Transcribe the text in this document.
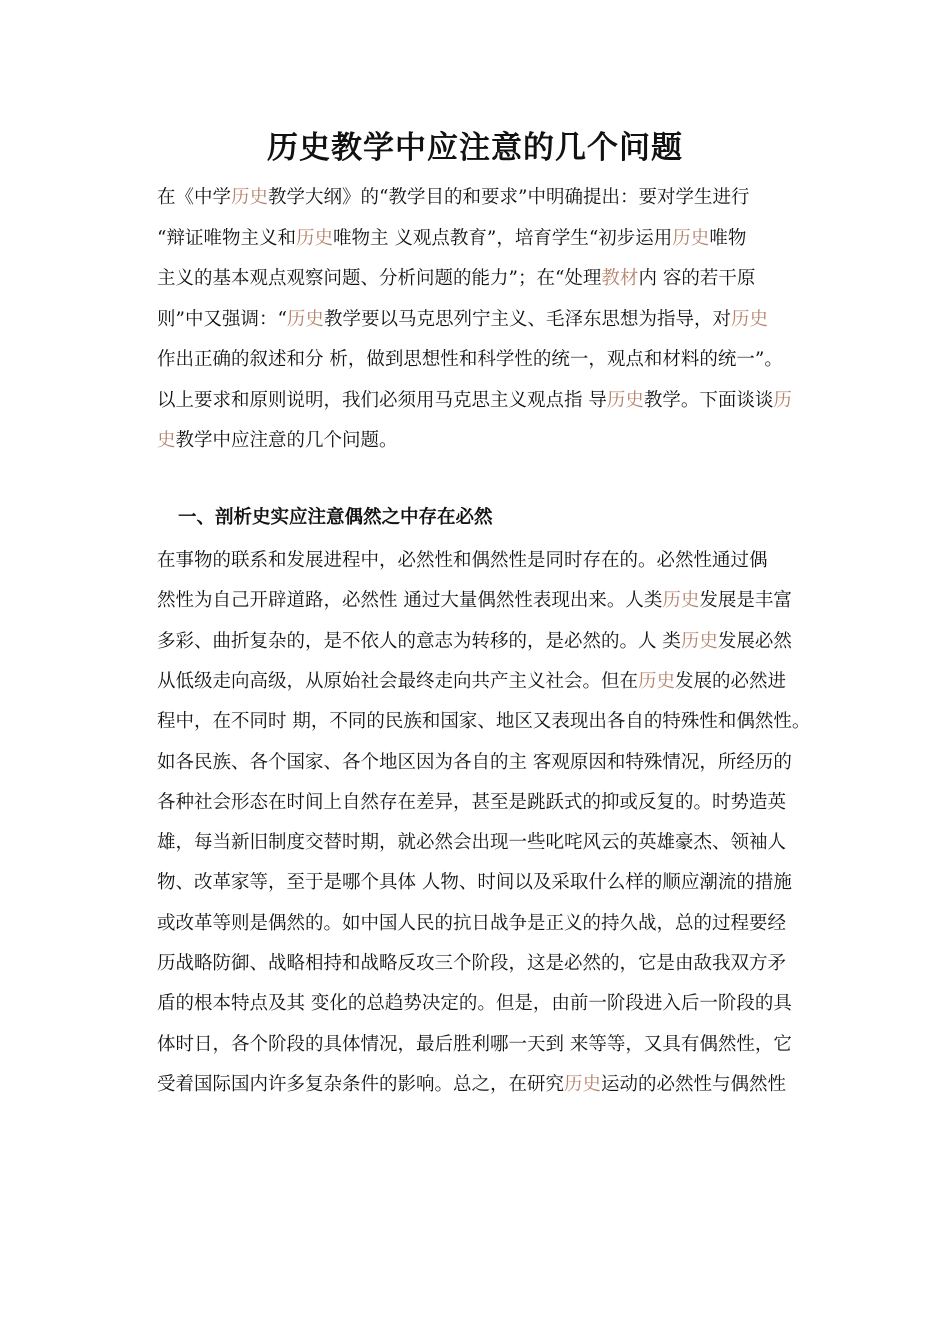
历史教学中应注意的几个问题
在《中学历史教学大纲》的“教学目的和要求”中明确提出：要对学生进行
“辩证唯物主义和历史唯物主 义观点教育”，培育学生“初步运用历史唯物
主义的基本观点观察问题、分析问题的能力”；在“处理教材内 容的若干原
则”中又强调：“历史教学要以马克思列宁主义、毛泽东思想为指导，对历史
作出正确的叙述和分 析，做到思想性和科学性的统一，观点和材料的统一”。
以上要求和原则说明，我们必须用马克思主义观点指 导历史教学。下面谈谈历
史教学中应注意的几个问题。
一、剖析史实应注意偶然之中存在必然
在事物的联系和发展进程中，必然性和偶然性是同时存在的。必然性通过偶
然性为自己开辟道路，必然性 通过大量偶然性表现出来。人类历史发展是丰富
多彩、曲折复杂的，是不依人的意志为转移的，是必然的。人 类历史发展必然
从低级走向高级，从原始社会最终走向共产主义社会。但在历史发展的必然进
程中，在不同时 期，不同的民族和国家、地区又表现出各自的特殊性和偶然性。
如各民族、各个国家、各个地区因为各自的主 客观原因和特殊情况，所经历的
各种社会形态在时间上自然存在差异，甚至是跳跃式的抑或反复的。时势造英
雄，每当新旧制度交替时期，就必然会出现一些叱咤风云的英雄豪杰、领袖人
物、改革家等，至于是哪个具体 人物、时间以及采取什么样的顺应潮流的措施
或改革等则是偶然的。如中国人民的抗日战争是正义的持久战，总的过程要经
历战略防御、战略相持和战略反攻三个阶段，这是必然的，它是由敌我双方矛
盾的根本特点及其 变化的总趋势决定的。但是，由前一阶段进入后一阶段的具
体时日，各个阶段的具体情况，最后胜利哪一天到 来等等，又具有偶然性，它
受着国际国内许多复杂条件的影响。总之，在研究历史运动的必然性与偶然性
